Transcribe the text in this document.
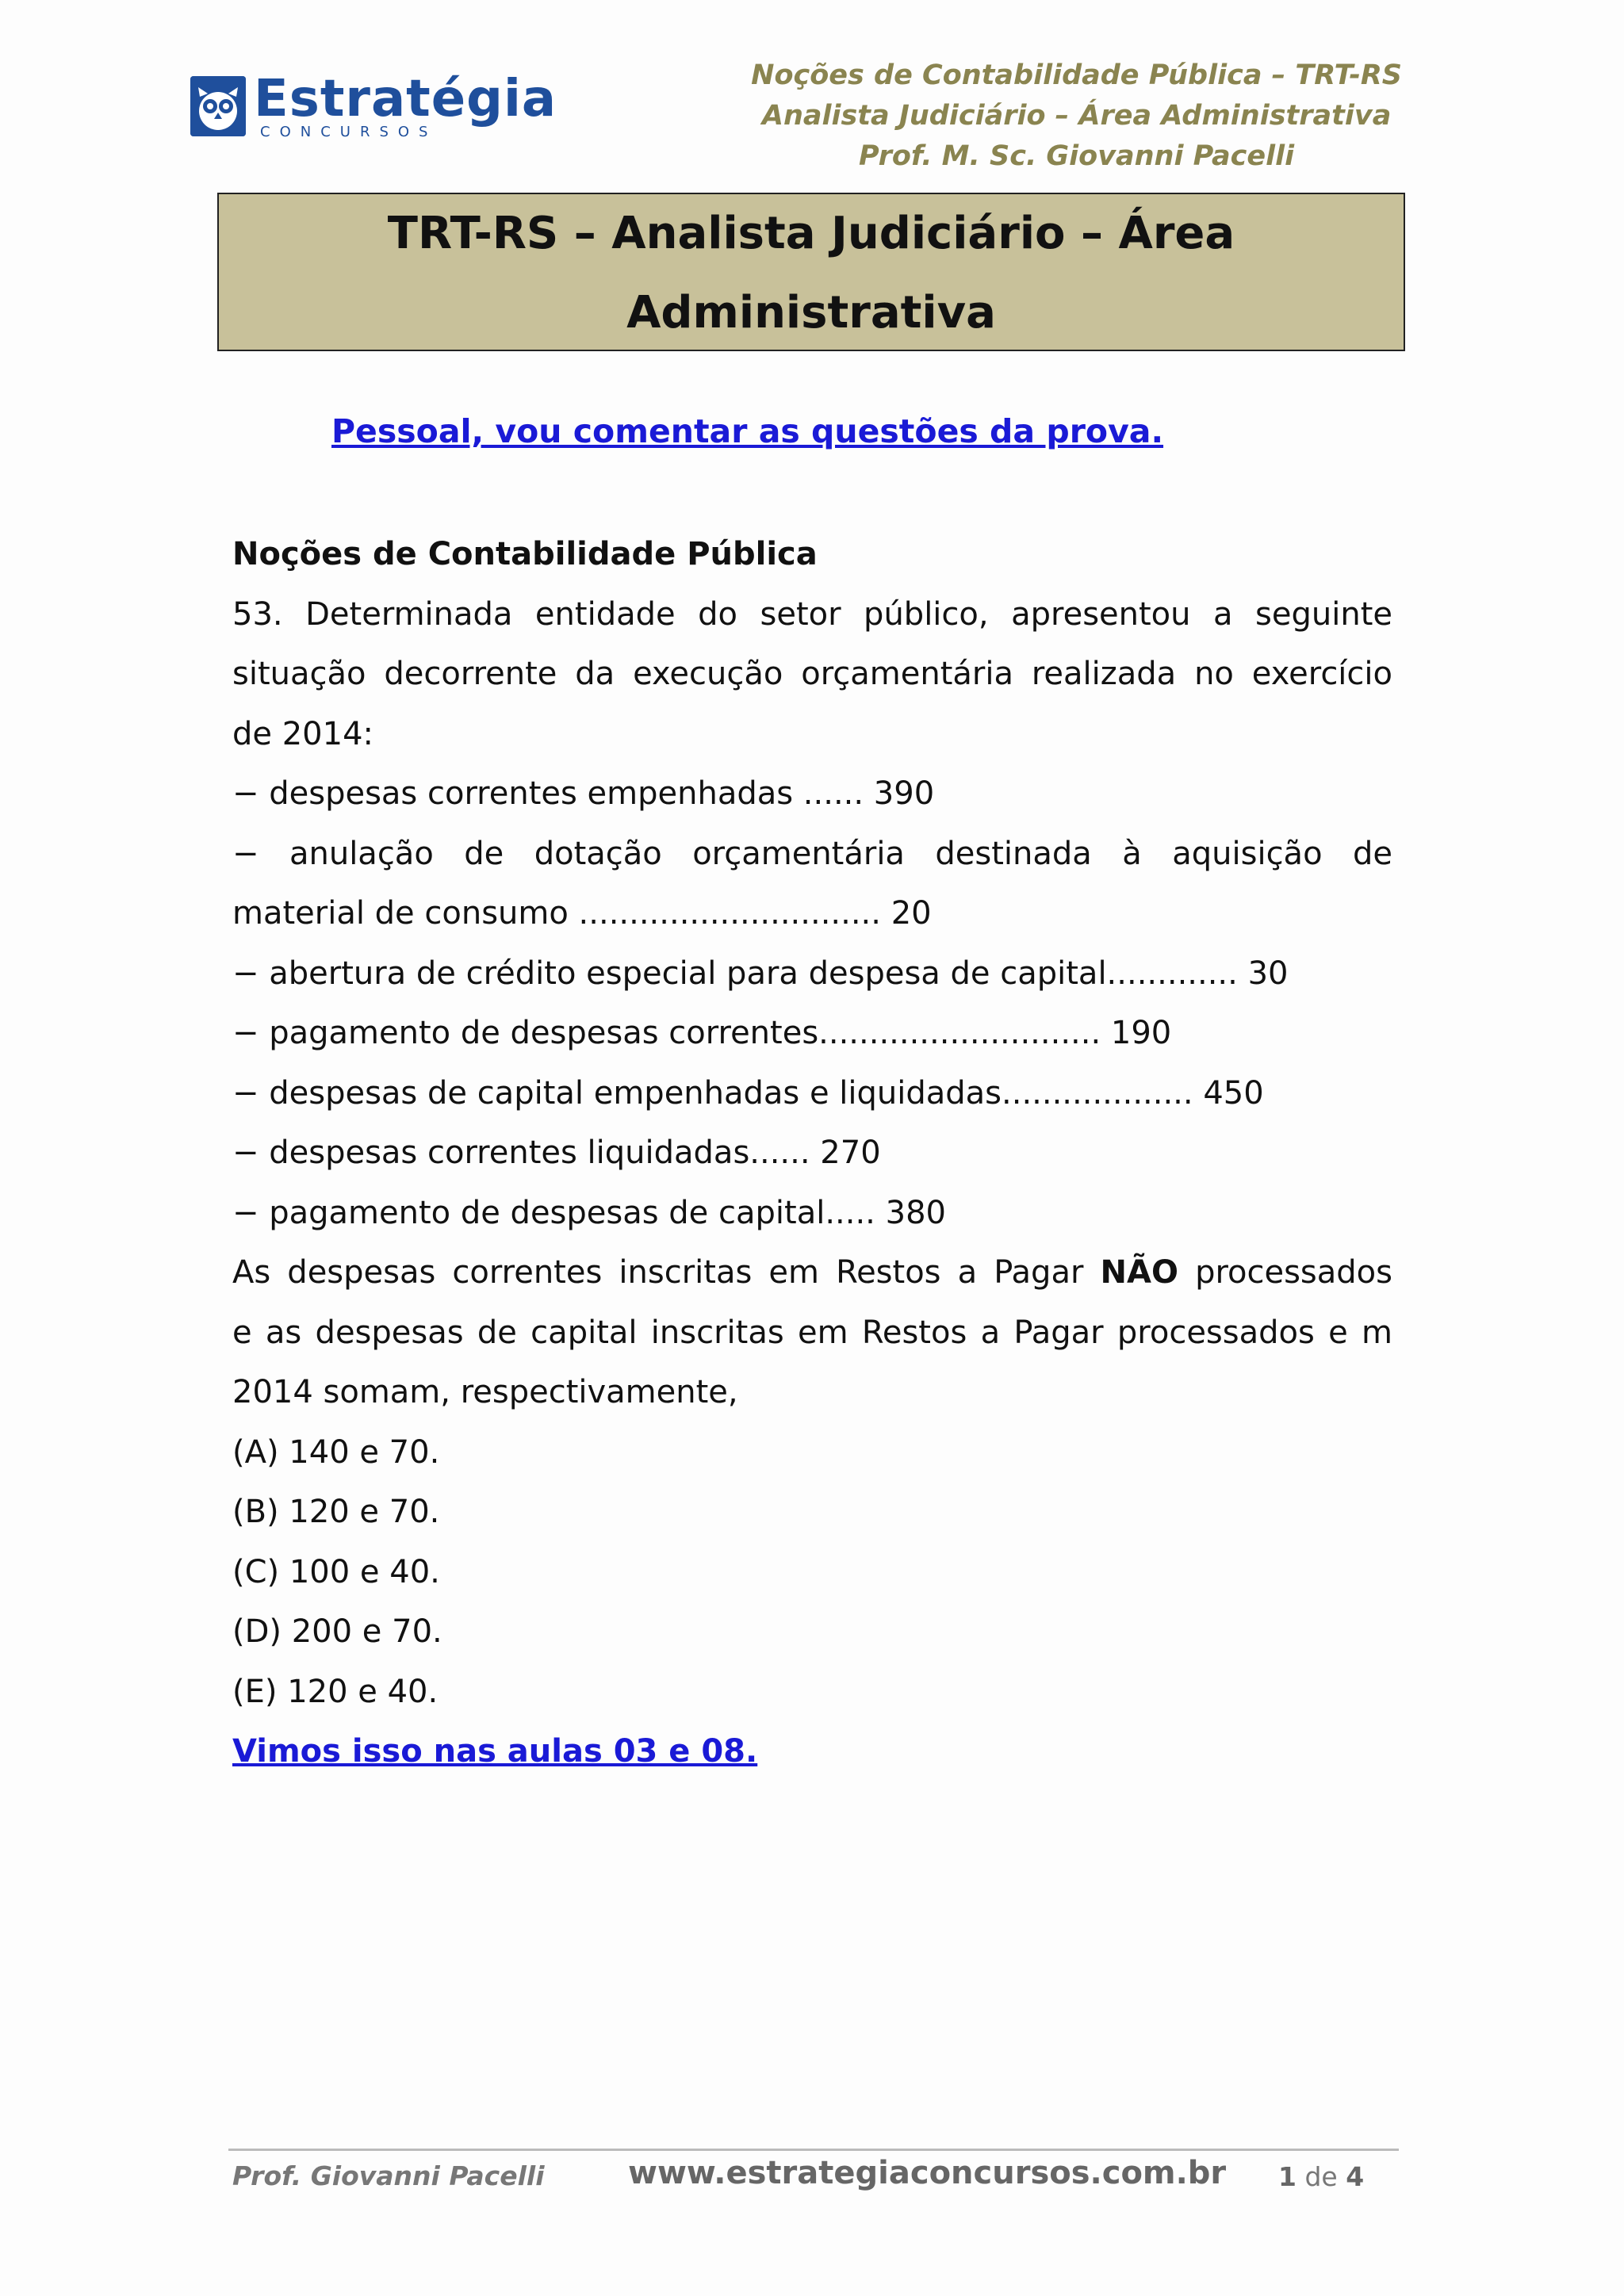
Estratégia
CONCURSOS
Noções de Contabilidade Pública – TRT-RS
Analista Judiciário – Área Administrativa
Prof. M. Sc. Giovanni Pacelli
TRT-RS – Analista Judiciário – Área
Administrativa
Pessoal, vou comentar as questões da prova.

Noções de Contabilidade Pública

53. Determinada entidade do setor público, apresentou a seguinte

situação decorrente da execução orçamentária realizada no exercício

de 2014:

− despesas correntes empenhadas ...... 390

− anulação de dotação orçamentária destinada à aquisição de

material de consumo .............................. 20

− abertura de crédito especial para despesa de capital............. 30

− pagamento de despesas correntes............................ 190

− despesas de capital empenhadas e liquidadas................... 450

− despesas correntes liquidadas...... 270

− pagamento de despesas de capital..... 380

As despesas correntes inscritas em Restos a Pagar NÃO processados

e as despesas de capital inscritas em Restos a Pagar processados e m

2014 somam, respectivamente,

(A) 140 e 70.

(B) 120 e 70.

(C) 100 e 40.

(D) 200 e 70.

(E) 120 e 40.

Vimos isso nas aulas 03 e 08.

Prof. Giovanni Pacelli	www.estrategiaconcursos.com.br 1 de 4
